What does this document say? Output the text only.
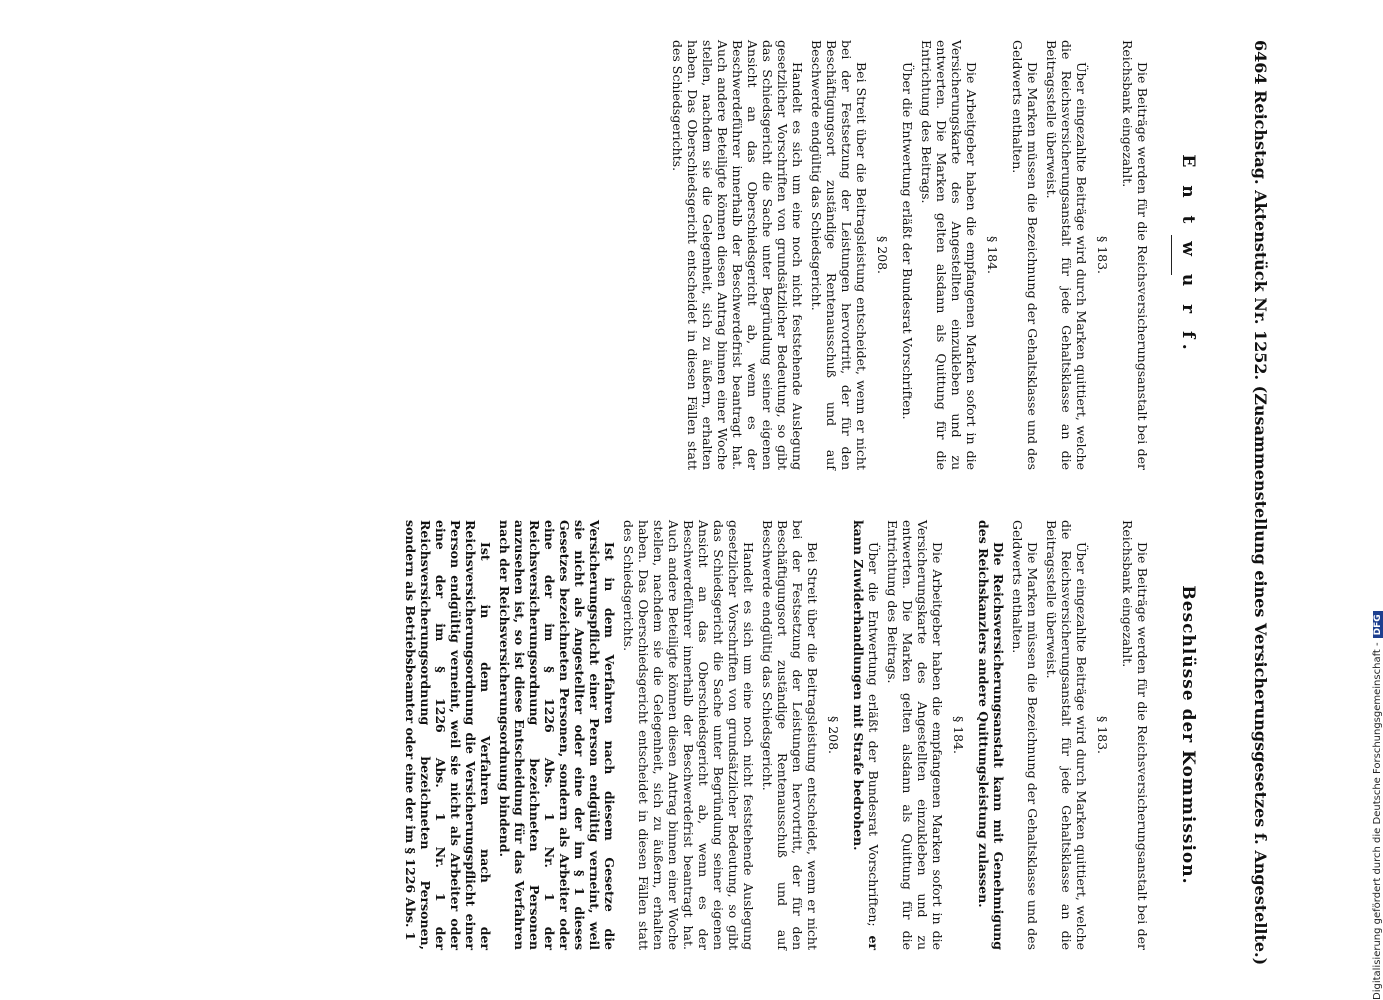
6464 Reichstag. Aktenstück Nr. 1252. (Zusammenstellung eines Versicherungsgesetzes f. Angestellte.)
E n t w u r f.
Beschlüsse der Kommission.

Die Beiträge werden für die Reichsversicherungsanstalt bei der Reichsbank eingezahlt.

§ 183.

Über eingezahlte Beiträge wird durch Marken quittiert, welche die Reichsversicherungsanstalt für jede Gehaltsklasse an die Beitragsstelle überweist.

Die Marken müssen die Bezeichnung der Gehaltsklasse und des Geldwerts enthalten.

§ 184.

Die Arbeitgeber haben die empfangenen Marken sofort in die Versicherungskarte des Angestellten einzukleben und zu entwerten. Die Marken gelten alsdann als Quittung für die Entrichtung des Beitrags.

Über die Entwertung erläßt der Bundesrat Vorschriften.

§ 208.

Bei Streit über die Beitragsleistung entscheidet, wenn er nicht bei der Festsetzung der Leistungen hervortritt, der für den Beschäftigungsort zuständige Rentenausschuß und auf Beschwerde endgültig das Schiedsgericht.

Handelt es sich um eine noch nicht feststehende Auslegung gesetzlicher Vorschriften von grundsätzlicher Bedeutung, so gibt das Schiedsgericht die Sache unter Begründung seiner eigenen Ansicht an das Oberschiedsgericht ab, wenn es der Beschwerdeführer innerhalb der Beschwerdefrist beantragt hat. Auch andere Beteiligte können diesen Antrag binnen einer Woche stellen, nachdem sie die Gelegenheit, sich zu äußern, erhalten haben. Das Oberschiedsgericht entscheidet in diesen Fällen statt des Schiedsgerichts.

Die Beiträge werden für die Reichsversicherungsanstalt bei der Reichsbank eingezahlt.

§ 183.

Über eingezahlte Beiträge wird durch Marken quittiert, welche die Reichsversicherungsanstalt für jede Gehaltsklasse an die Beitragsstelle überweist.

Die Marken müssen die Bezeichnung der Gehaltsklasse und des Geldwerts enthalten.

Die Reichsversicherungsanstalt kann mit Genehmigung des Reichskanzlers andere Quittungsleistung zulassen.

§ 184.

Die Arbeitgeber haben die empfangenen Marken sofort in die Versicherungskarte des Angestellten einzukleben und zu entwerten. Die Marken gelten alsdann als Quittung für die Entrichtung des Beitrags.

Über die Entwertung erläßt der Bundesrat Vorschriften; er kann Zuwiderhandlungen mit Strafe bedrohen.

§ 208.

Bei Streit über die Beitragsleistung entscheidet, wenn er nicht bei der Festsetzung der Leistungen hervortritt, der für den Beschäftigungsort zuständige Rentenausschuß und auf Beschwerde endgültig das Schiedsgericht.

Handelt es sich um eine noch nicht feststehende Auslegung gesetzlicher Vorschriften von grundsätzlicher Bedeutung, so gibt das Schiedsgericht die Sache unter Begründung seiner eigenen Ansicht an das Oberschiedsgericht ab, wenn es der Beschwerdeführer innerhalb der Beschwerdefrist beantragt hat. Auch andere Beteiligte können diesen Antrag binnen einer Woche stellen, nachdem sie die Gelegenheit, sich zu äußern, erhalten haben. Das Oberschiedsgericht entscheidet in diesen Fällen statt des Schiedsgerichts.

Ist in dem Verfahren nach diesem Gesetze die Versicherungspflicht einer Person endgültig verneint, weil sie nicht als Angestellter oder eine der im § 1 dieses Gesetzes bezeichneten Personen, sondern als Arbeiter oder eine der im § 1226 Abs. 1 Nr. 1 der Reichsversicherungsordnung bezeichneten Personen anzusehen ist, so ist diese Entscheidung für das Verfahren nach der Reichsversicherungsordnung bindend.

Ist in dem Verfahren nach der Reichsversicherungsordnung die Versicherungspflicht einer Person endgültig verneint, weil sie nicht als Arbeiter oder eine der im § 1226 Abs. 1 Nr. 1 der Reichsversicherungsordnung bezeichneten Personen, sondern als Betriebsbeamter oder eine der im § 1226 Abs. 1	Digitalisierung gefördert durch die Deutsche Forschungsgemeinschaft -DFG
